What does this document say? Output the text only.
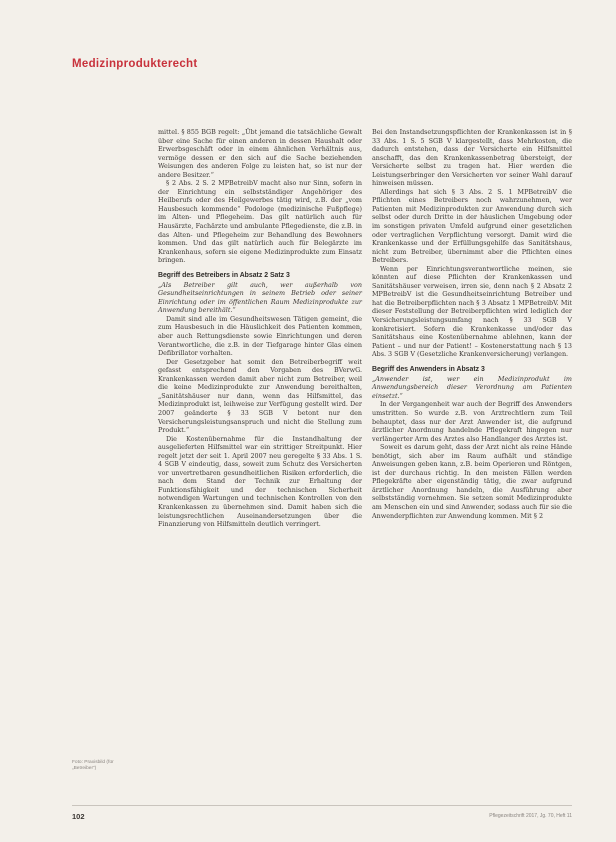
Medizinprodukterecht

mittel. § 855 BGB regelt: „Übt jemand die tatsächliche Gewalt über eine Sache für einen anderen in dessen Haushalt oder Erwerbsgeschäft oder in einem ähnlichen Verhältnis aus, vermöge dessen er den sich auf die Sache beziehenden Weisungen des anderen Folge zu leisten hat, so ist nur der andere Besitzer.“

§ 2 Abs. 2 S. 2 MPBetreibV macht also nur Sinn, sofern in der Einrichtung ein selbstständiger Angehöriger des Heilberufs oder des Heilgewerbes tätig wird, z.B. der „vom Hausbesuch kommende“ Podologe (medizinische Fußpflege) im Alten- und Pflegeheim. Das gilt natürlich auch für Hausärzte, Fachärzte und ambulante Pflegedienste, die z.B. in das Alten- und Pflegeheim zur Behandlung des Bewohners kommen. Und das gilt natürlich auch für Belegärzte im Krankenhaus, sofern sie eigene Medizinprodukte zum Einsatz bringen.

Begriff des Betreibers in Absatz 2 Satz 3

„Als Betreiber gilt auch, wer außerhalb von Gesundheitseinrichtungen in seinem Betrieb oder seiner Einrichtung oder im öffentlichen Raum Medizinprodukte zur Anwendung bereithält.“

Damit sind alle im Gesundheitswesen Tätigen gemeint, die zum Hausbesuch in die Häuslichkeit des Patienten kommen, aber auch Rettungsdienste sowie Einrichtungen und deren Verantwortliche, die z.B. in der Tiefgarage hinter Glas einen Defibrillator vorhalten.

Der Gesetzgeber hat somit den Betreiberbegriff weit gefasst entsprechend den Vorgaben des BVerwG. Krankenkassen werden damit aber nicht zum Betreiber, weil die keine Medizinprodukte zur Anwendung bereithalten, „Sanitätshäuser nur dann, wenn das Hilfsmittel, das Medizinprodukt ist, leihweise zur Verfügung gestellt wird. Der 2007 geänderte § 33 SGB V betont nur den Versicherungsleistungsanspruch und nicht die Stellung zum Produkt.“

Die Kostenübernahme für die Instandhaltung der ausgelieferten Hilfsmittel war ein strittiger Streitpunkt. Hier regelt jetzt der seit 1. April 2007 neu geregelte § 33 Abs. 1 S. 4 SGB V eindeutig, dass, soweit zum Schutz des Versicherten vor unvertretbaren gesundheitlichen Risiken erforderlich, die nach dem Stand der Technik zur Erhaltung der Funktionsfähigkeit und der technischen Sicherheit notwendigen Wartungen und technischen Kontrollen von den Krankenkassen zu übernehmen sind. Damit haben sich die leistungsrechtlichen Auseinandersetzungen über die Finanzierung von Hilfsmitteln deutlich verringert.

Bei den Instandsetzungspflichten der Krankenkassen ist in § 33 Abs. 1 S. 5 SGB V klargestellt, dass Mehrkosten, die dadurch entstehen, dass der Versicherte ein Hilfsmittel anschafft, das den Krankenkassenbetrag übersteigt, der Versicherte selbst zu tragen hat. Hier werden die Leistungserbringer den Versicherten vor seiner Wahl darauf hinweisen müssen.

Allerdings hat sich § 3 Abs. 2 S. 1 MPBetreibV die Pflichten eines Betreibers noch wahrzunehmen, wer Patienten mit Medizinprodukten zur Anwendung durch sich selbst oder durch Dritte in der häuslichen Umgebung oder im sonstigen privaten Umfeld aufgrund einer gesetzlichen oder vertraglichen Verpflichtung versorgt. Damit wird die Krankenkasse und der Erfüllungsgehilfe das Sanitätshaus, nicht zum Betreiber, übernimmt aber die Pflichten eines Betreibers.

Wenn per Einrichtungsverantwortliche meinen, sie könnten auf diese Pflichten der Krankenkassen und Sanitätshäuser verweisen, irren sie, denn nach § 2 Absatz 2 MPBetreibV ist die Gesundheitseinrichtung Betreiber und hat die Betreiberpflichten nach § 3 Absatz 1 MPBetreibV. Mit dieser Feststellung der Betreiberpflichten wird lediglich der Versicherungsleistungsumfang nach § 33 SGB V konkretisiert. Sofern die Krankenkasse und/oder das Sanitätshaus eine Kostenübernahme ablehnen, kann der Patient – und nur der Patient! – Kostenerstattung nach § 13 Abs. 3 SGB V (Gesetzliche Krankenversicherung) verlangen.

Begriff des Anwenders in Absatz 3

„Anwender ist, wer ein Medizinprodukt im Anwendungsbereich dieser Verordnung am Patienten einsetzt.“

In der Vergangenheit war auch der Begriff des Anwenders umstritten. So wurde z.B. von Arztrechtlern zum Teil behauptet, dass nur der Arzt Anwender ist, die aufgrund ärztlicher Anordnung handelnde Pflegekraft hingegen nur verlängerter Arm des Arztes also Handlanger des Arztes ist.

Soweit es darum geht, dass der Arzt nicht als reine Hände benötigt, sich aber im Raum aufhält und ständige Anweisungen geben kann, z.B. beim Operieren und Röntgen, ist der durchaus richtig. In den meisten Fällen werden Pflegekräfte aber eigenständig tätig, die zwar aufgrund ärztlicher Anordnung handeln, die Ausführung aber selbstständig vornehmen. Sie setzen somit Medizinprodukte am Menschen ein und sind Anwender, sodass auch für sie die Anwenderpflichten zur Anwendung kommen. Mit § 2

Foto: Praxisbild (für „Betreiber“)
102	Pflegezeitschrift 2017, Jg. 70, Heft 11
